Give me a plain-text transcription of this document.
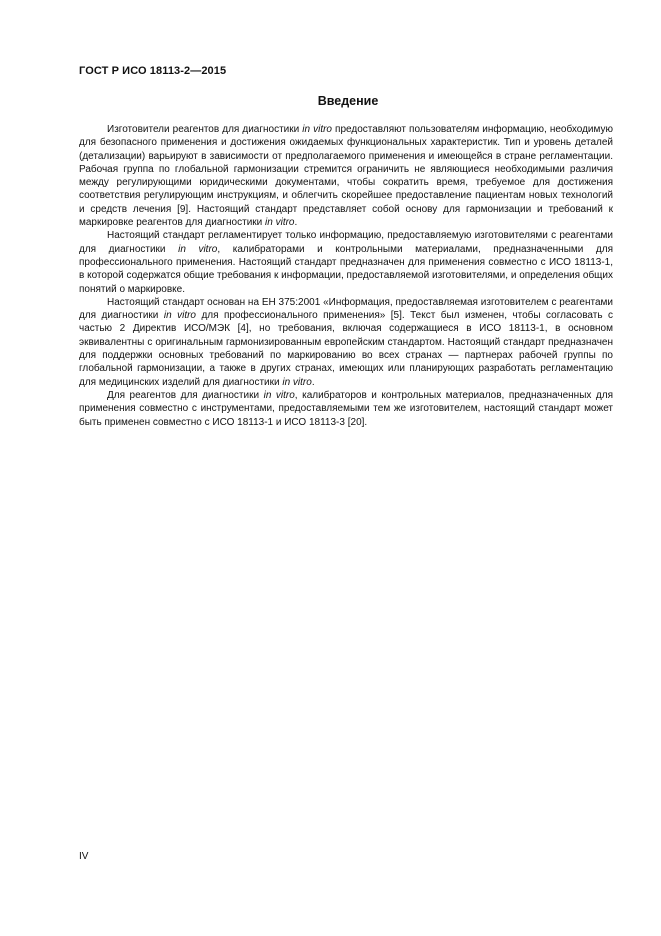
ГОСТ Р ИСО 18113-2—2015
Введение

Изготовители реагентов для диагностики in vitro предоставляют пользователям информацию, необходимую для безопасного применения и достижения ожидаемых функциональных характеристик. Тип и уровень деталей (детализации) варьируют в зависимости от предполагаемого применения и имеющейся в стране регламентации. Рабочая группа по глобальной гармонизации стремится ограничить не являющиеся необходимыми различия между регулирующими юридическими документами, чтобы сократить время, требуемое для достижения соответствия регулирующим инструкциям, и облегчить скорейшее предоставление пациентам новых технологий и средств лечения [9]. Настоящий стандарт представляет собой основу для гармонизации и требований к маркировке реагентов для диагностики in vitro.

Настоящий стандарт регламентирует только информацию, предоставляемую изготовителями с реагентами для диагностики in vitro, калибраторами и контрольными материалами, предназначенными для профессионального применения. Настоящий стандарт предназначен для применения совместно с ИСО 18113-1, в которой содержатся общие требования к информации, предоставляемой изготовителями, и определения общих понятий о маркировке.

Настоящий стандарт основан на ЕН 375:2001 «Информация, предоставляемая изготовителем с реагентами для диагностики in vitro для профессионального применения» [5]. Текст был изменен, чтобы согласовать с частью 2 Директив ИСО/МЭК [4], но требования, включая содержащиеся в ИСО 18113-1, в основном эквивалентны с оригинальным гармонизированным европейским стандартом. Настоящий стандарт предназначен для поддержки основных требований по маркированию во всех странах — партнерах рабочей группы по глобальной гармонизации, а также в других странах, имеющих или планирующих разработать регламентацию для медицинских изделий для диагностики in vitro.

Для реагентов для диагностики in vitro, калибраторов и контрольных материалов, предназначенных для применения совместно с инструментами, предоставляемыми тем же изготовителем, настоящий стандарт может быть применен совместно с ИСО 18113-1 и ИСО 18113-3 [20].

IV
